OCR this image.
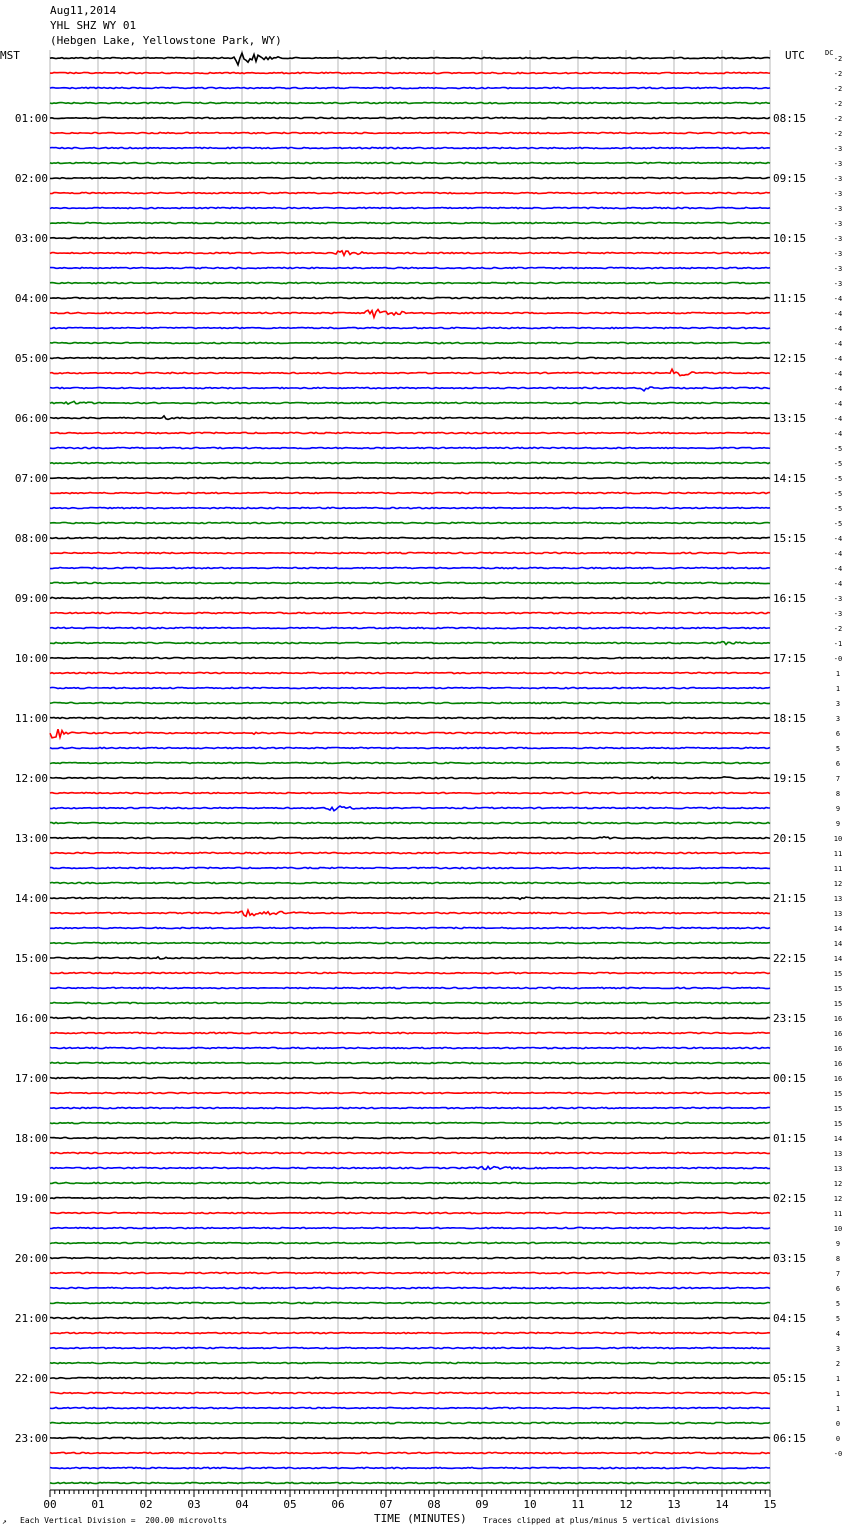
Aug11,2014
YHL SHZ WY 01
(Hebgen Lake, Yellowstone Park, WY)
MST	UTC	DC
-2
-2
-2
-2
-2
-2
-3
-3
-3
-3
-3
-3
-3
-3
-3
-3
-4
-4
-4
-4
-4
-4
-4
-4
-4
-4
-5
-5
-5
-5
-5
-5
-4
-4
-4
-4
-3
-3
-2
-1
-0
1
1
3
3
6
5
6
7
8
9
9
10
11
11
12
13
13
14
14
14
15
15
15
16
16
16
16
16
15
15
15
14
13
13
12
12
11
10
9
8
7
6
5
5
4
3
2
1
1
1
0
0
-0
01:00	08:15
02:00	09:15
03:00	10:15
04:00	11:15
05:00	12:15
06:00	13:15
07:00	14:15
08:00	15:15
09:00	16:15
10:00	17:15
11:00	18:15
12:00	19:15
13:00	20:15
14:00	21:15
15:00	22:15
16:00	23:15
17:00	00:15
18:00	01:15
19:00	02:15
20:00	03:15
21:00	04:15
22:00	05:15
23:00	06:15
00	01	02	03	04	05	06	07	08	09	10	11	12	13	14	15
↗ Each Vertical Division =  200.00 microvolts	TIME (MINUTES) Traces clipped at plus/minus 5 vertical divisions
